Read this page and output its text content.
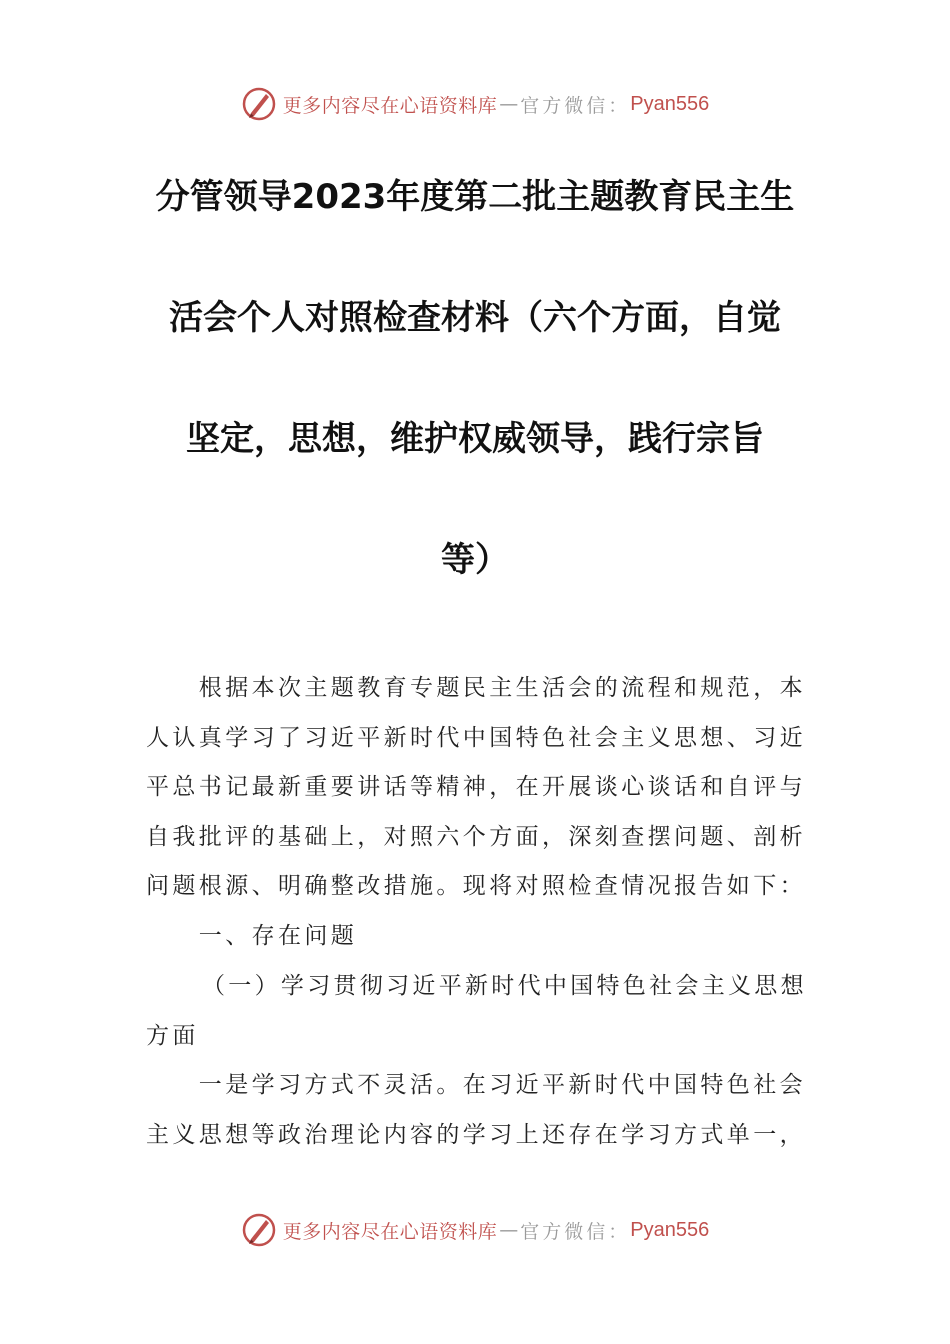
更多内容尽在心语资料库 — 官方微信： Pyan556
分管领导2023年度第二批主题教育民主生
活会个人对照检查材料（六个方面，自觉
坚定，思想，维护权威领导，践行宗旨
等）
　　根据本次主题教育专题民主生活会的流程和规范，本
人认真学习了习近平新时代中国特色社会主义思想、习近
平总书记最新重要讲话等精神，在开展谈心谈话和自评与
自我批评的基础上，对照六个方面，深刻查摆问题、剖析
问题根源、明确整改措施。现将对照检查情况报告如下：
　　一、存在问题
（一）学习贯彻习近平新时代中国特色社会主义思想
方面
　　一是学习方式不灵活。在习近平新时代中国特色社会
主义思想等政治理论内容的学习上还存在学习方式单一，
更多内容尽在心语资料库 — 官方微信： Pyan556
